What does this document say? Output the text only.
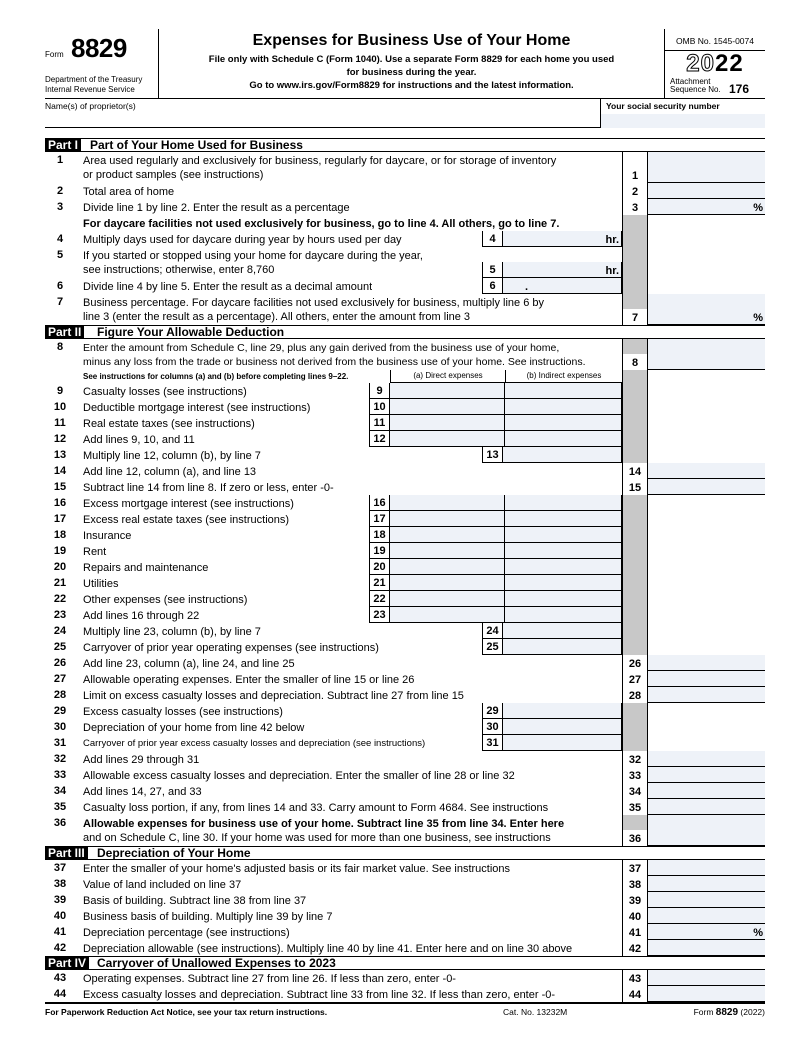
Form 8829
Department of the Treasury
Internal Revenue Service
Expenses for Business Use of Your Home
File only with Schedule C (Form 1040). Use a separate Form 8829 for each home you used
for business during the year.
Go to www.irs.gov/Form8829 for instructions and the latest information.
OMB No. 1545-0074
2022
Attachment
Sequence No. 176
Name(s) of proprietor(s)	Your social security number
Part I Part of Your Home Used for Business
1	Area used regularly and exclusively for business, regularly for daycare, or for storage of inventory
or product samples (see instructions)	1
2	Total area of home	2
3	Divide line 1 by line 2. Enter the result as a percentage	3	%
For daycare facilities not used exclusively for business, go to line 4. All others, go to line 7.
4	Multiply days used for daycare during year by hours used per day	4	hr.
5	If you started or stopped using your home for daycare during the year,
see instructions; otherwise, enter 8,760	5	hr.
6	Divide line 4 by line 5. Enter the result as a decimal amount	6	.
7	Business percentage. For daycare facilities not used exclusively for business, multiply line 6 by
line 3 (enter the result as a percentage). All others, enter the amount from line 3	7	%
Part II Figure Your Allowable Deduction
8	Enter the amount from Schedule C, line 29, plus any gain derived from the business use of your home,
minus any loss from the trade or business not derived from the business use of your home. See instructions.	8
See instructions for columns (a) and (b) before completing lines 9–22.	(a) Direct expenses	(b) Indirect expenses
9	Casualty losses (see instructions)	9
10	Deductible mortgage interest (see instructions)	10
11	Real estate taxes (see instructions)	11
12	Add lines 9, 10, and 11	12
13	Multiply line 12, column (b), by line 7	13
14	Add line 12, column (a), and line 13	14
15	Subtract line 14 from line 8. If zero or less, enter -0-	15
16	Excess mortgage interest (see instructions)	16
17	Excess real estate taxes (see instructions)	17
18	Insurance	18
19	Rent	19
20	Repairs and maintenance	20
21	Utilities	21
22	Other expenses (see instructions)	22
23	Add lines 16 through 22	23
24	Multiply line 23, column (b), by line 7	24
25	Carryover of prior year operating expenses (see instructions)	25
26	Add line 23, column (a), line 24, and line 25	26
27	Allowable operating expenses. Enter the smaller of line 15 or line 26	27
28	Limit on excess casualty losses and depreciation. Subtract line 27 from line 15	28
29	Excess casualty losses (see instructions)	29
30	Depreciation of your home from line 42 below	30
31	Carryover of prior year excess casualty losses and depreciation (see instructions)	31
32	Add lines 29 through 31	32
33	Allowable excess casualty losses and depreciation. Enter the smaller of line 28 or line 32	33
34	Add lines 14, 27, and 33	34
35	Casualty loss portion, if any, from lines 14 and 33. Carry amount to Form 4684. See instructions	35
36	Allowable expenses for business use of your home. Subtract line 35 from line 34. Enter here
and on Schedule C, line 30. If your home was used for more than one business, see instructions	36
Part III Depreciation of Your Home
37	Enter the smaller of your home's adjusted basis or its fair market value. See instructions	37
38	Value of land included on line 37	38
39	Basis of building. Subtract line 38 from line 37	39
40	Business basis of building. Multiply line 39 by line 7	40
41	Depreciation percentage (see instructions)	41	%
42	Depreciation allowable (see instructions). Multiply line 40 by line 41. Enter here and on line 30 above	42
Part IV Carryover of Unallowed Expenses to 2023
43	Operating expenses. Subtract line 27 from line 26. If less than zero, enter -0-	43
44	Excess casualty losses and depreciation. Subtract line 33 from line 32. If less than zero, enter -0-	44
For Paperwork Reduction Act Notice, see your tax return instructions.	Cat. No. 13232M	Form 8829 (2022)
